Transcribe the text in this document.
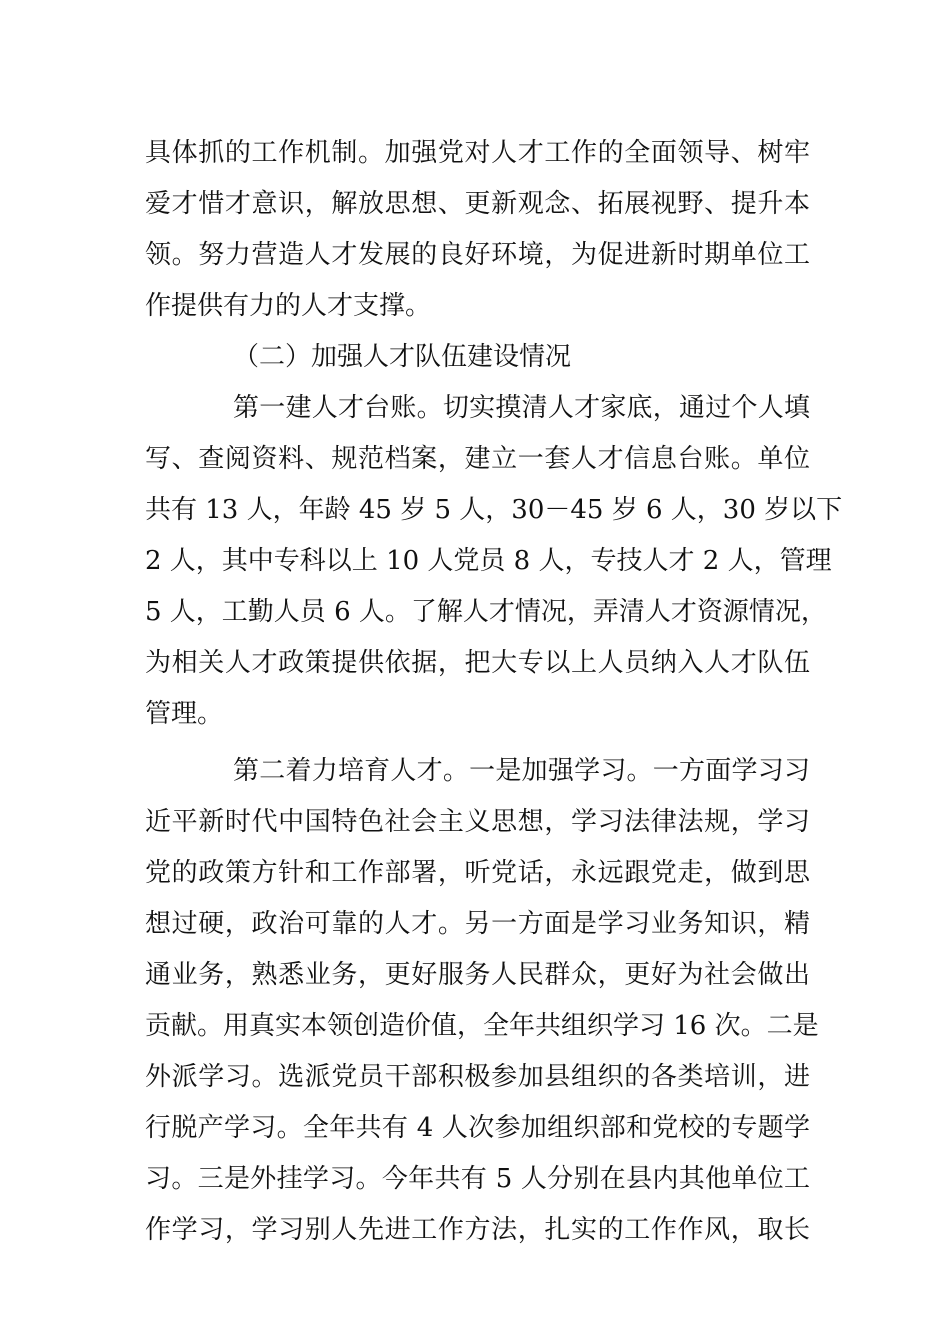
具体抓的工作机制。加强党对人才工作的全面领导、树牢
爱才惜才意识，解放思想、更新观念、拓展视野、提升本
领。努力营造人才发展的良好环境，为促进新时期单位工
作提供有力的人才支撑。
（二）加强人才队伍建设情况
第一建人才台账。切实摸清人才家底，通过个人填
写、查阅资料、规范档案，建立一套人才信息台账。单位
共有 13 人，年龄 45 岁 5 人，30－45 岁 6 人，30 岁以下
2 人，其中专科以上 10 人党员 8 人，专技人才 2 人，管理
5 人，工勤人员 6 人。了解人才情况，弄清人才资源情况，
为相关人才政策提供依据，把大专以上人员纳入人才队伍
管理。
第二着力培育人才。一是加强学习。一方面学习习
近平新时代中国特色社会主义思想，学习法律法规，学习
党的政策方针和工作部署，听党话，永远跟党走，做到思
想过硬，政治可靠的人才。另一方面是学习业务知识，精
通业务，熟悉业务，更好服务人民群众，更好为社会做出
贡献。用真实本领创造价值，全年共组织学习 16 次。二是
外派学习。选派党员干部积极参加县组织的各类培训，进
行脱产学习。全年共有 4 人次参加组织部和党校的专题学
习。三是外挂学习。今年共有 5 人分别在县内其他单位工
作学习，学习别人先进工作方法，扎实的工作作风，取长
